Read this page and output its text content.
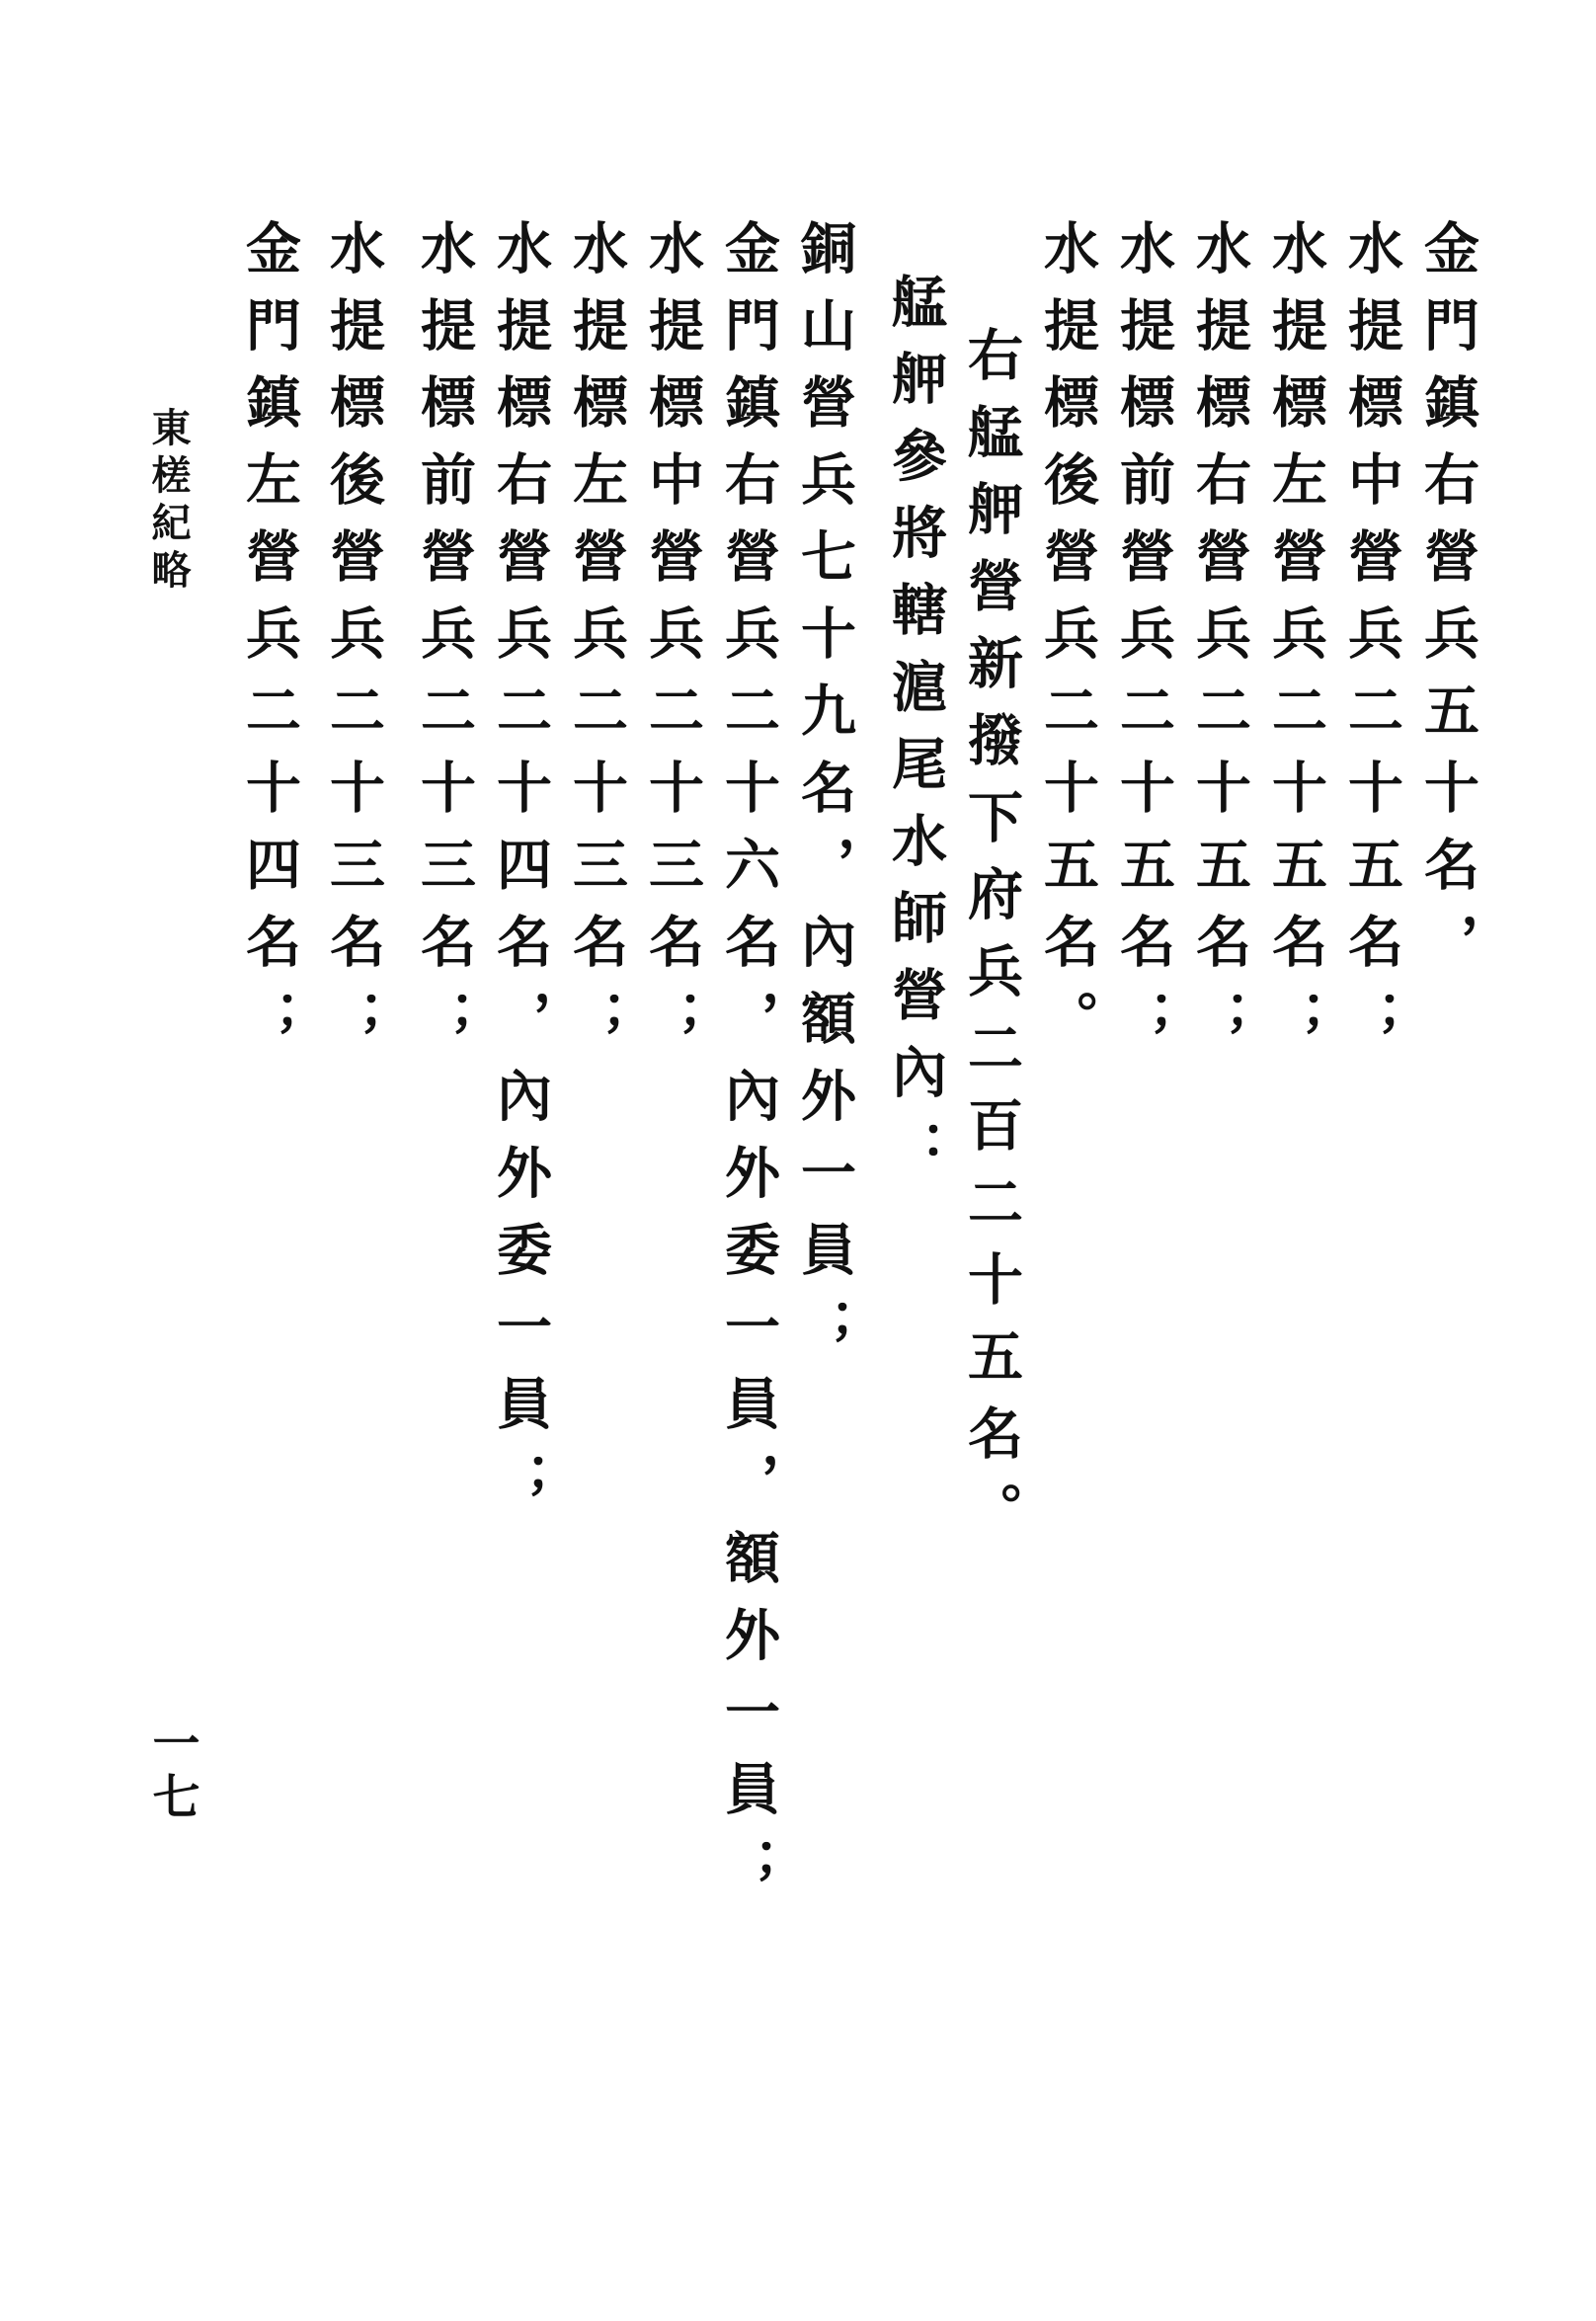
金門鎮右營兵五十名，
水提標中營兵二十五名；
水提標左營兵二十五名；
水提標右營兵二十五名；
水提標前營兵二十五名；
水提標後營兵二十五名。
右艋舺營新撥下府兵二百二十五名。
艋舺參將轄滬尾水師營內：
銅山營兵七十九名，內額外一員；
金門鎮右營兵二十六名，內外委一員，額外一員；
水提標中營兵二十三名；
水提標左營兵二十三名；
水提標右營兵二十四名，內外委一員；
水提標前營兵二十三名；
水提標後營兵二十三名；
金門鎮左營兵二十四名；
東槎紀略
一七
